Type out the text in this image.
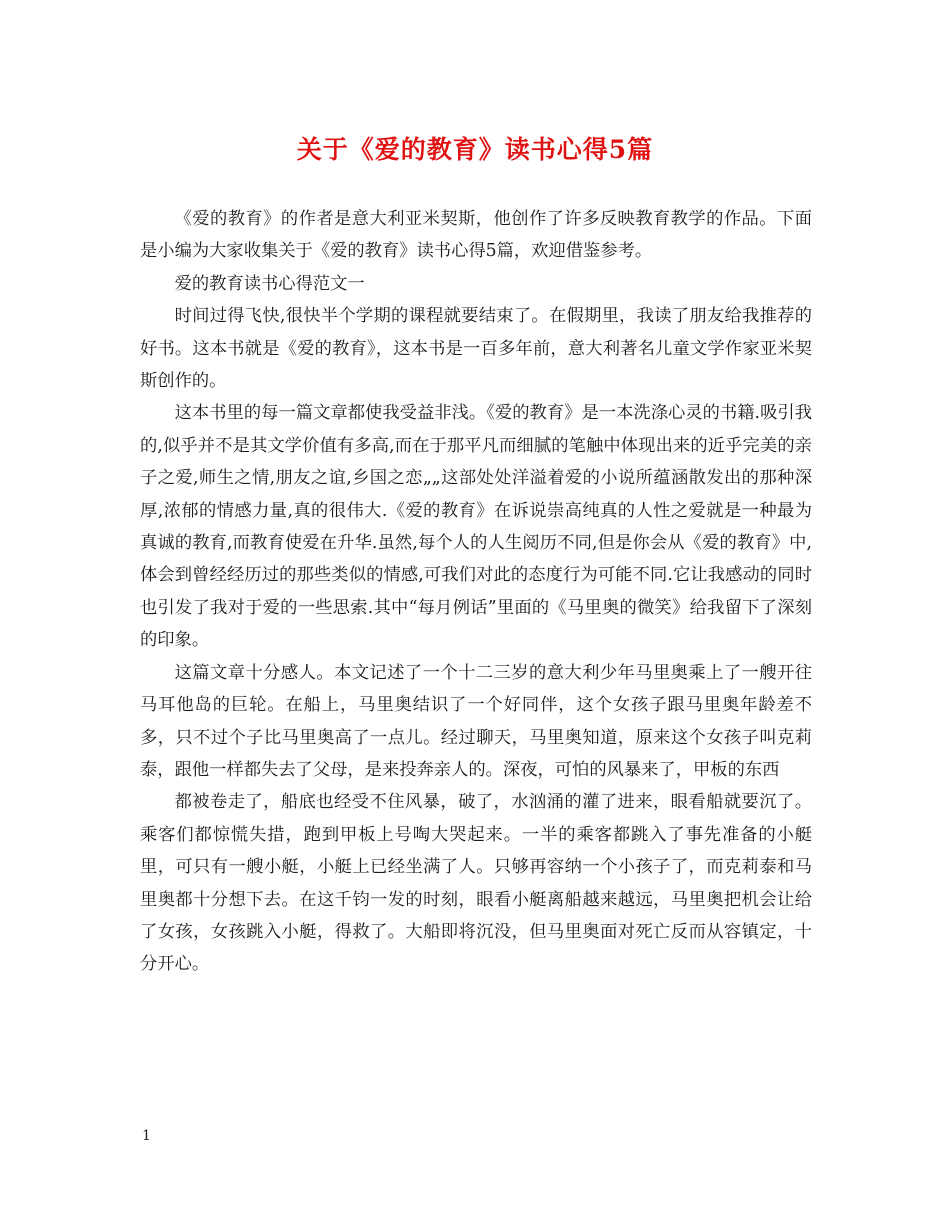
关于《爱的教育》读书心得5篇

《爱的教育》的作者是意大利亚米契斯，他创作了许多反映教育教学的作品。下面是小编为大家收集关于《爱的教育》读书心得5篇，欢迎借鉴参考。

爱的教育读书心得范文一

时间过得飞快,很快半个学期的课程就要结束了。在假期里，我读了朋友给我推荐的好书。这本书就是《爱的教育》，这本书是一百多年前，意大利著名儿童文学作家亚米契斯创作的。

这本书里的每一篇文章都使我受益非浅。《爱的教育》是一本洗涤心灵的书籍.吸引我的,似乎并不是其文学价值有多高,而在于那平凡而细腻的笔触中体现出来的近乎完美的亲子之爱,师生之情,朋友之谊,乡国之恋„„这部处处洋溢着爱的小说所蕴涵散发出的那种深厚,浓郁的情感力量,真的很伟大.《爱的教育》在诉说崇高纯真的人性之爱就是一种最为真诚的教育,而教育使爱在升华.虽然,每个人的人生阅历不同,但是你会从《爱的教育》中,体会到曾经经历过的那些类似的情感,可我们对此的态度行为可能不同.它让我感动的同时也引发了我对于爱的一些思索.其中“每月例话”里面的《马里奥的微笑》给我留下了深刻的印象。

这篇文章十分感人。本文记述了一个十二三岁的意大利少年马里奥乘上了一艘开往马耳他岛的巨轮。在船上，马里奥结识了一个好同伴，这个女孩子跟马里奥年龄差不多，只不过个子比马里奥高了一点儿。经过聊天，马里奥知道，原来这个女孩子叫克莉泰，跟他一样都失去了父母，是来投奔亲人的。深夜，可怕的风暴来了，甲板的东西

都被卷走了，船底也经受不住风暴，破了，水汹涌的灌了进来，眼看船就要沉了。乘客们都惊慌失措，跑到甲板上号啕大哭起来。一半的乘客都跳入了事先准备的小艇里，可只有一艘小艇，小艇上已经坐满了人。只够再容纳一个小孩子了，而克莉泰和马里奥都十分想下去。在这千钧一发的时刻，眼看小艇离船越来越远，马里奥把机会让给了女孩，女孩跳入小艇，得救了。大船即将沉没，但马里奥面对死亡反而从容镇定，十分开心。

1
